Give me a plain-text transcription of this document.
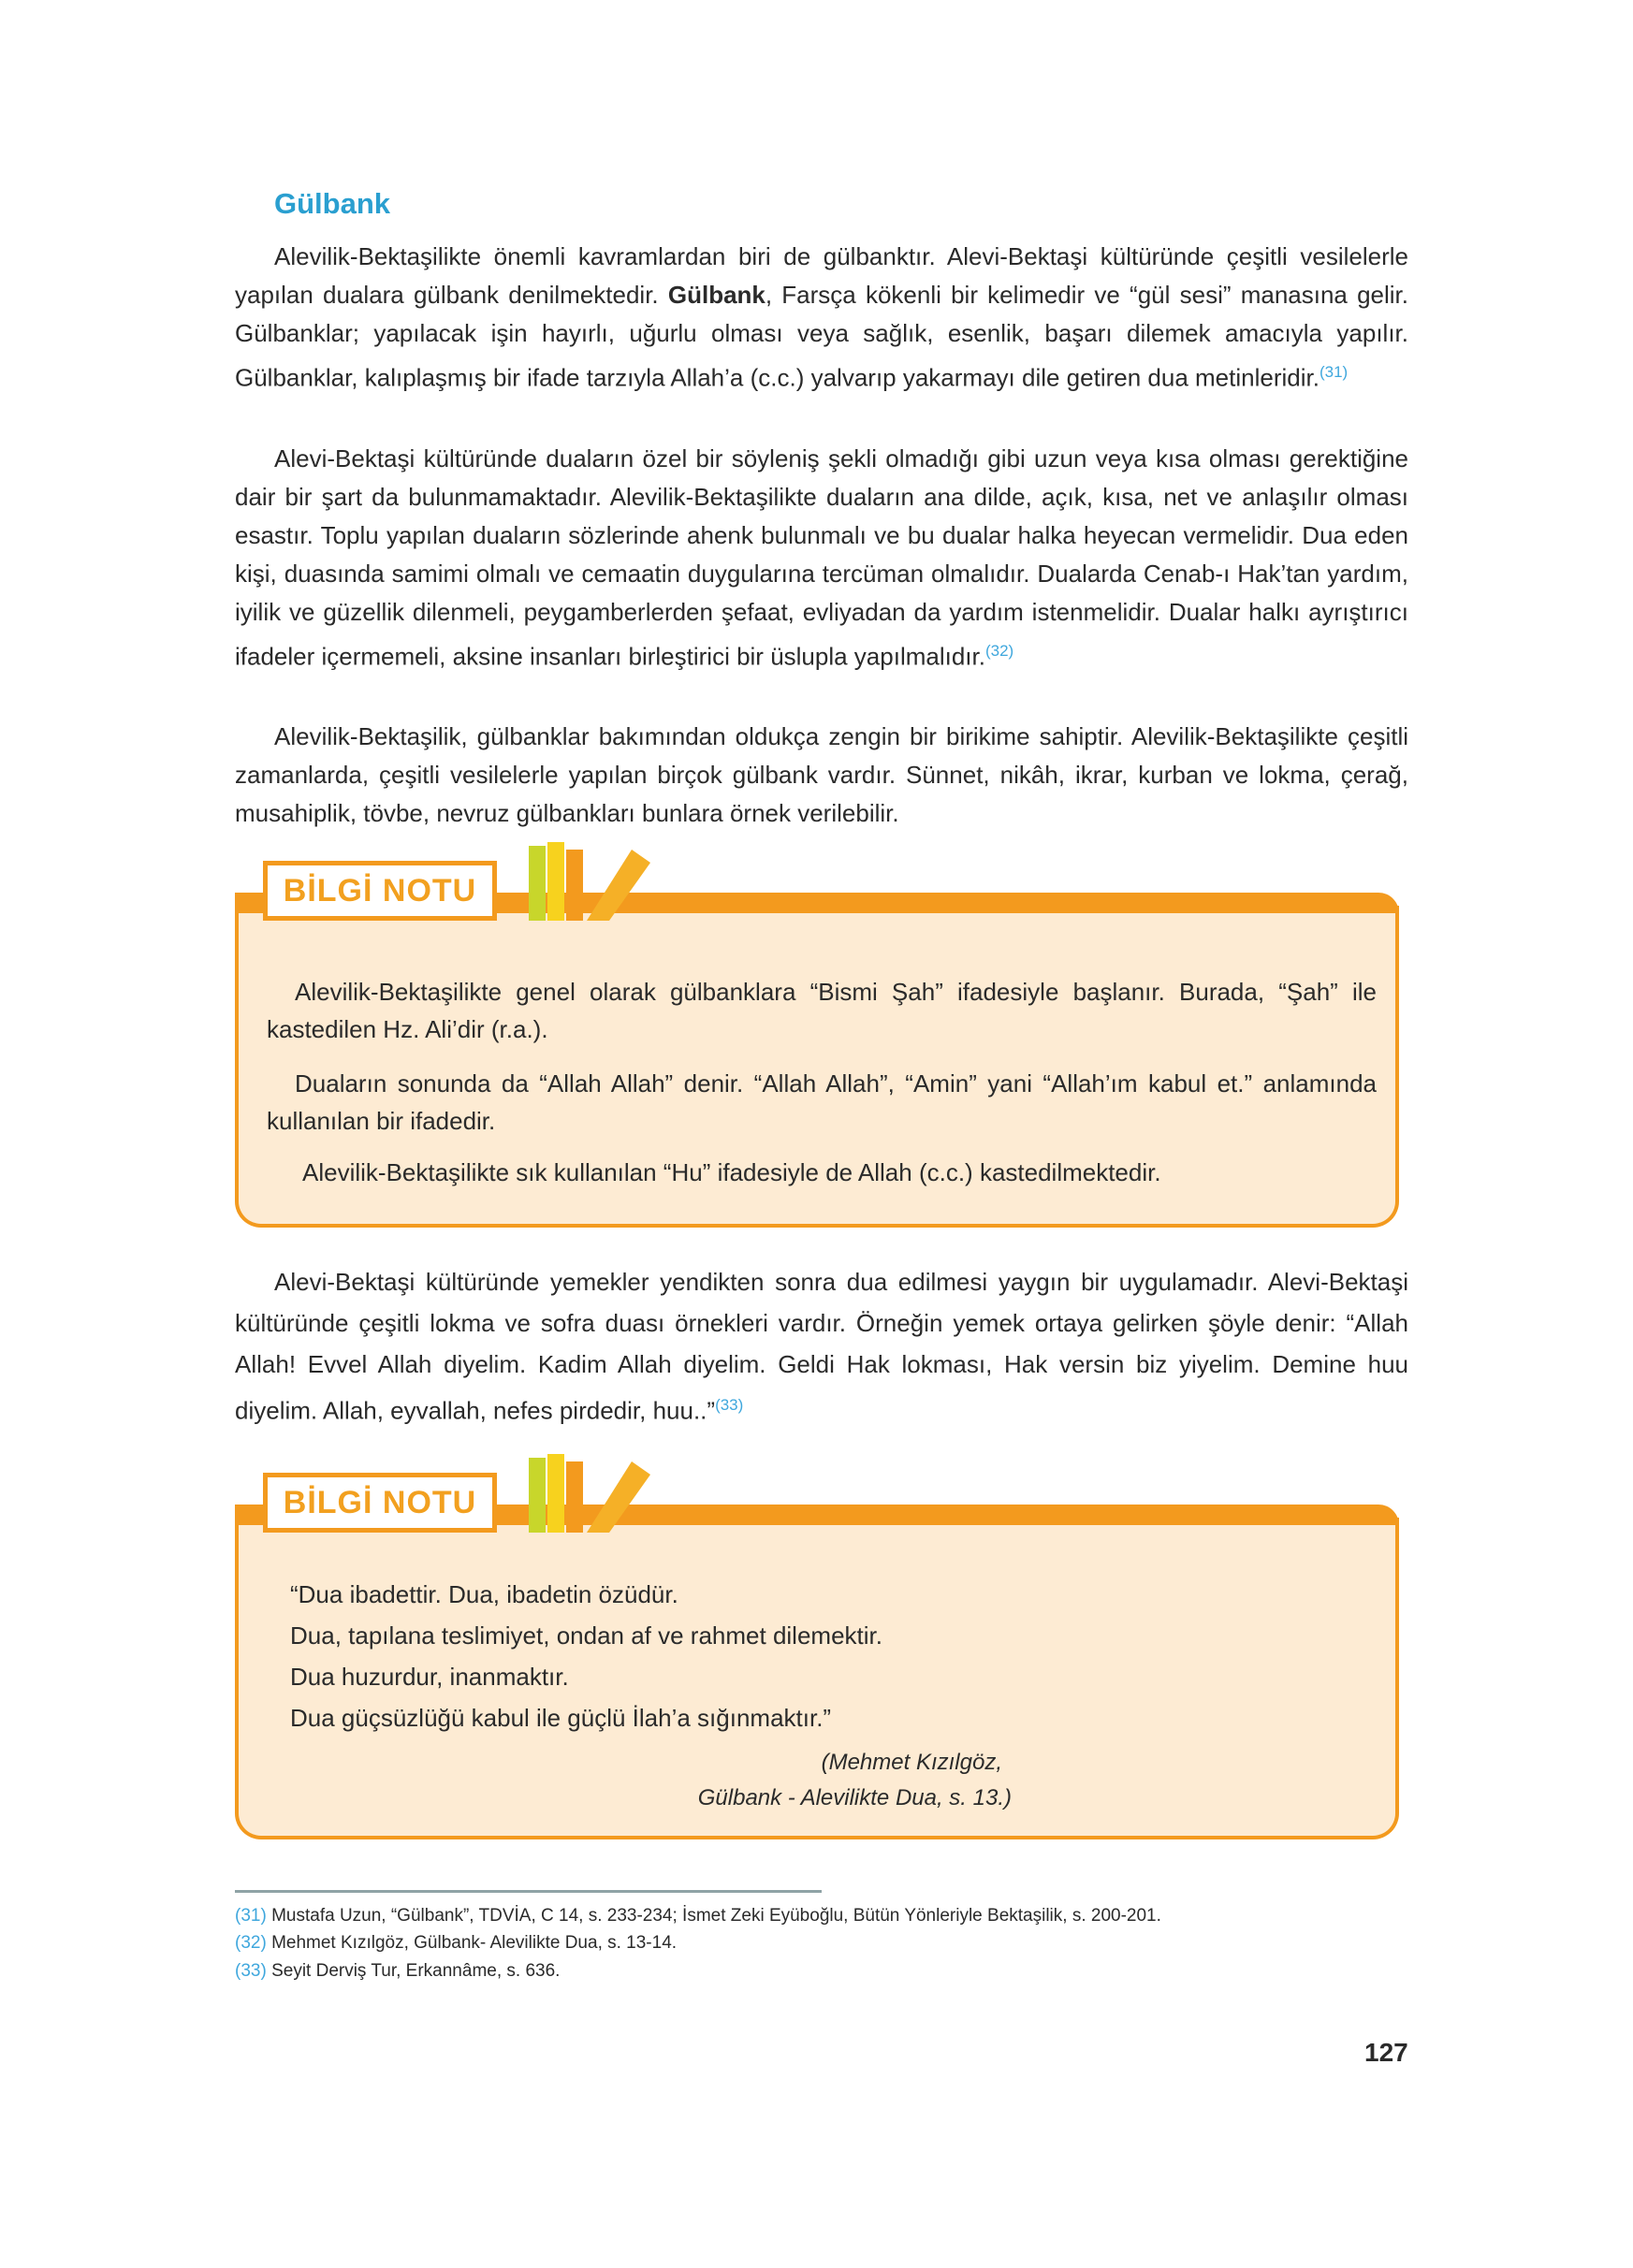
Gülbank

Alevilik-Bektaşilikte önemli kavramlardan biri de gülbanktır. Alevi-Bektaşi kültüründe çeşitli vesilelerle yapılan dualara gülbank denilmektedir. Gülbank, Farsça kökenli bir kelimedir ve “gül sesi” manasına gelir. Gülbanklar; yapılacak işin hayırlı, uğurlu olması veya sağlık, esenlik, başarı dilemek amacıyla yapılır. Gülbanklar, kalıplaşmış bir ifade tarzıyla Allah’a (c.c.) yalvarıp yakarmayı dile getiren dua metinleridir.$^{(31)}$

Alevi-Bektaşi kültüründe duaların özel bir söyleniş şekli olmadığı gibi uzun veya kısa olması gerektiğine dair bir şart da bulunmamaktadır. Alevilik-Bektaşilikte duaların ana dilde, açık, kısa, net ve anlaşılır olması esastır. Toplu yapılan duaların sözlerinde ahenk bulunmalı ve bu dualar halka heyecan vermelidir. Dua eden kişi, duasında samimi olmalı ve cemaatin duygularına tercüman olmalıdır. Dualarda Cenab-ı Hak’tan yardım, iyilik ve güzellik dilenmeli, peygamberlerden şefaat, evliyadan da yardım istenmelidir. Dualar halkı ayrıştırıcı ifadeler içermemeli, aksine insanları birleştirici bir üslupla yapılmalıdır.$^{(32)}$

Alevilik-Bektaşilik, gülbanklar bakımından oldukça zengin bir birikime sahiptir. Alevilik-Bektaşilikte çeşitli zamanlarda, çeşitli vesilelerle yapılan birçok gülbank vardır. Sünnet, nikâh, ikrar, kurban ve lokma, çerağ, musahiplik, tövbe, nevruz gülbankları bunlara örnek verilebilir.

BİLGİ NOTU

Alevilik-Bektaşilikte genel olarak gülbanklara “Bismi Şah” ifadesiyle başlanır. Burada, “Şah” ile kastedilen Hz. Ali’dir (r.a.).

Duaların sonunda da “Allah Allah” denir. “Allah Allah”, “Amin” yani “Allah’ım kabul et.” anlamında kullanılan bir ifadedir.

Alevilik-Bektaşilikte sık kullanılan “Hu” ifadesiyle de Allah (c.c.) kastedilmektedir.

Alevi-Bektaşi kültüründe yemekler yendikten sonra dua edilmesi yaygın bir uygulamadır. Alevi-Bektaşi kültüründe çeşitli lokma ve sofra duası örnekleri vardır. Örneğin yemek ortaya gelirken şöyle denir: “Allah Allah! Evvel Allah diyelim. Kadim Allah diyelim. Geldi Hak lokması, Hak versin biz yiyelim. Demine huu diyelim. Allah, eyvallah, nefes pirdedir, huu..”$^{(33)}$

BİLGİ NOTU

“Dua ibadettir. Dua, ibadetin özüdür.

Dua, tapılana teslimiyet, ondan af ve rahmet dilemektir.

Dua huzurdur, inanmaktır.

Dua güçsüzlüğü kabul ile güçlü İlah’a sığınmaktır.”

(Mehmet Kızılgöz,
Gülbank - Alevilikte Dua, s. 13.)
(31) Mustafa Uzun, “Gülbank”, TDVİA, C 14, s. 233-234; İsmet Zeki Eyüboğlu, Bütün Yönleriyle Bektaşilik, s. 200-201.
(32) Mehmet Kızılgöz, Gülbank- Alevilikte Dua, s. 13-14.
(33) Seyit Derviş Tur, Erkannâme, s. 636.
127
